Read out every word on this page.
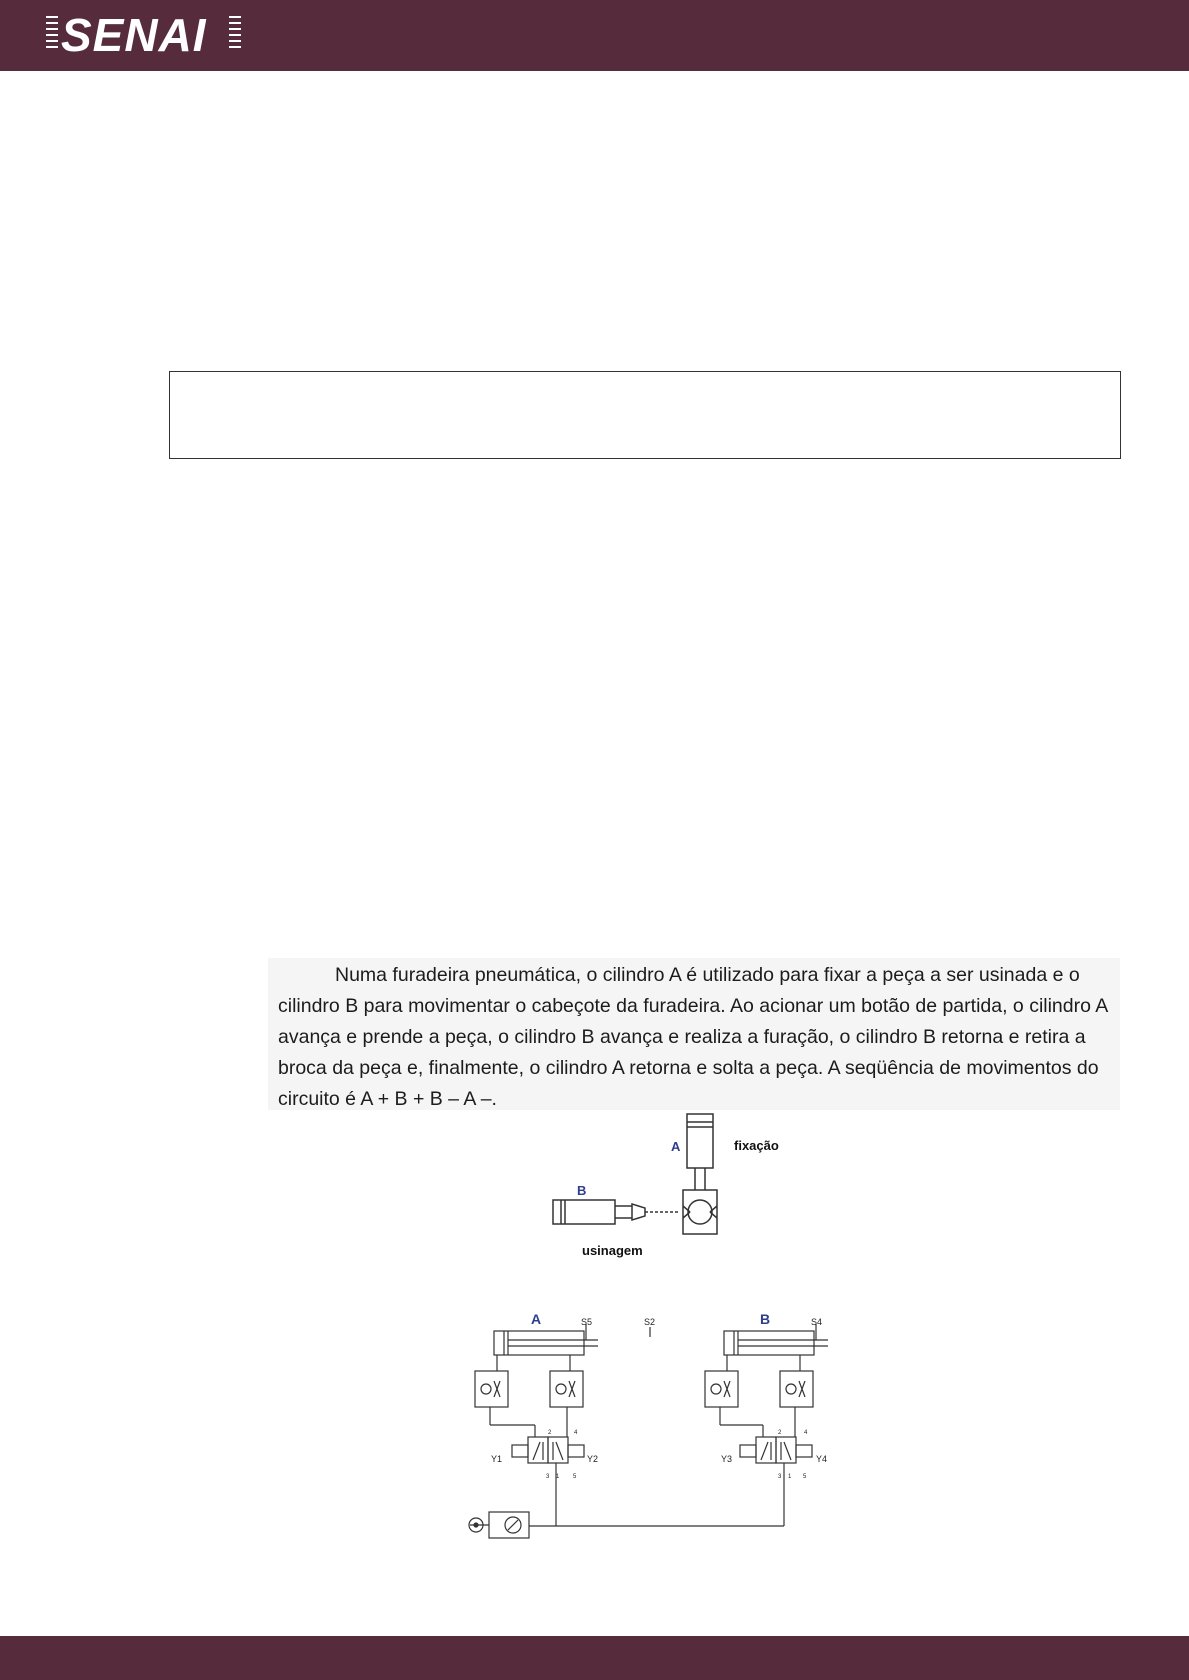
SENAI

Numa furadeira pneumática, o cilindro A é utilizado para fixar a peça a ser usinada e o cilindro B para movimentar o cabeçote da furadeira. Ao acionar um botão de partida, o cilindro A avança e prende a peça, o cilindro B avança e realiza a furação, o cilindro B retorna e retira a broca da peça e, finalmente, o cilindro A retorna e solta a peça. A seqüência de movimentos do circuito é A + B + B – A –.

A	fixação
B
usinagem
A	B
S5	S2	S4
Y1	Y2	Y3	Y4
2	4
3 1 5
2	4
3 1 5
